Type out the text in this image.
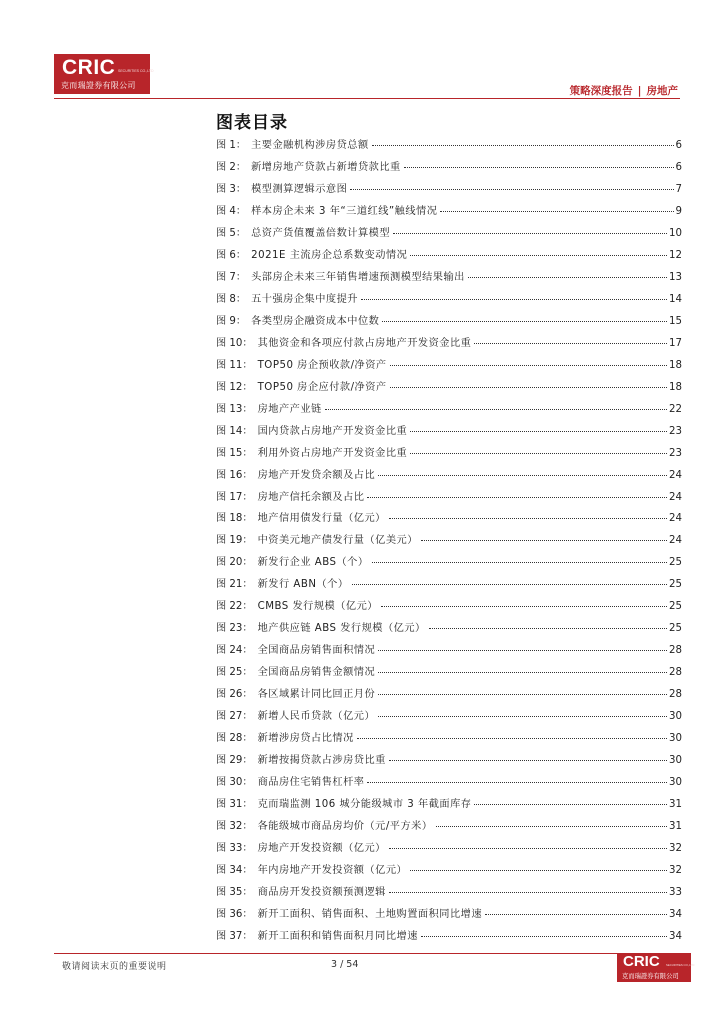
CRIC SECURITIES CO.,LTD
克而瑞證券有限公司	策略深度报告 | 房地产
图表目录
图 1： 主要金融机构涉房贷总额	6
图 2： 新增房地产贷款占新增贷款比重	6
图 3： 模型测算逻辑示意图	7
图 4： 样本房企未来 3 年“三道红线”触线情况	9
图 5： 总资产货值覆盖倍数计算模型	10
图 6： 2021E 主流房企总系数变动情况	12
图 7： 头部房企未来三年销售增速预测模型结果输出	13
图 8： 五十强房企集中度提升	14
图 9： 各类型房企融资成本中位数	15
图 10： 其他资金和各项应付款占房地产开发资金比重	17
图 11： TOP50 房企预收款/净资产	18
图 12： TOP50 房企应付款/净资产	18
图 13： 房地产产业链	22
图 14： 国内贷款占房地产开发资金比重	23
图 15： 利用外资占房地产开发资金比重	23
图 16： 房地产开发贷余额及占比	24
图 17： 房地产信托余额及占比	24
图 18： 地产信用债发行量（亿元）	24
图 19： 中资美元地产债发行量（亿美元）	24
图 20： 新发行企业 ABS（个）	25
图 21： 新发行 ABN（个）	25
图 22： CMBS 发行规模（亿元）	25
图 23： 地产供应链 ABS 发行规模（亿元）	25
图 24： 全国商品房销售面积情况	28
图 25： 全国商品房销售金额情况	28
图 26： 各区域累计同比回正月份	28
图 27： 新增人民币贷款（亿元）	30
图 28： 新增涉房贷占比情况	30
图 29： 新增按揭贷款占涉房贷比重	30
图 30： 商品房住宅销售杠杆率	30
图 31： 克而瑞监测 106 城分能级城市 3 年截面库存	31
图 32： 各能级城市商品房均价（元/平方米）	31
图 33： 房地产开发投资额（亿元）	32
图 34： 年内房地产开发投资额（亿元）	32
图 35： 商品房开发投资额预测逻辑	33
图 36： 新开工面积、销售面积、土地购置面积同比增速	34
图 37： 新开工面积和销售面积月同比增速	34
敬请阅读末页的重要说明	3 / 54	CRIC SECURITIES CO.,LTD
克而瑞證券有限公司
